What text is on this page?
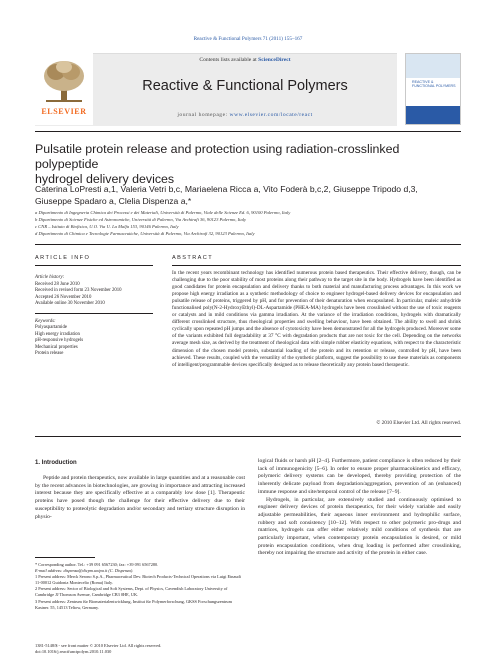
Reactive & Functional Polymers 71 (2011) 155–167
ELSEVIER
Contents lists available at ScienceDirect
Reactive & Functional Polymers
journal homepage: www.elsevier.com/locate/react
REACTIVE & FUNCTIONAL POLYMERS
Pulsatile protein release and protection using radiation-crosslinked polypeptide
hydrogel delivery devices
Caterina LoPresti a,1, Valeria Vetri b,c, Mariaelena Ricca a, Vito Foderà b,c,2, Giuseppe Tripodo d,3,
Giuseppe Spadaro a, Clelia Dispenza a,*
a Dipartimento di Ingegneria Chimica dei Processi e dei Materiali, Università di Palermo, Viale delle Scienze Ed. 6, 90100 Palermo, Italy
b Dipartimento di Scienze Fisiche ed Astronomiche, Università di Palermo, Via Archirafi 36, 90123 Palermo, Italy
c CNR – Istituto di Biofisica, U.O. Via U. La Malfa 153, 90146 Palermo, Italy
d Dipartimento di Chimica e Tecnologie Farmaceutiche, Università di Palermo, Via Archirafi 32, 90123 Palermo, Italy
ARTICLE INFO
Article history:
Received 28 June 2010
Received in revised form 23 November 2010
Accepted 26 November 2010
Available online 30 November 2010
Keywords:
Polyaspartamide
High energy irradiation
pH-responsive hydrogels
Mechanical properties
Protein release
ABSTRACT
In the recent years recombinant technology has identified numerous protein based therapeutics. Their effective delivery, though, can be challenging due to the poor stability of most proteins along their pathway to the target site in the body. Hydrogels have been identified as good candidates for protein encapsulation and delivery thanks to both material and manufacturing process advantages. In this work we propose high energy irradiation as a synthetic methodology of choice to engineer hydrogel-based delivery devices for encapsulation and pulsatile release of proteins, triggered by pH, and for prevention of their denaturation when encapsulated. In particular, maleic anhydride functionalised poly(N-2-HydroxyEthyl)-DL-Aspartamide (PHEA-MA) hydrogels have been crosslinked without the use of toxic reagents or catalysts and in mild conditions via gamma irradiation. At the variance of the irradiation conditions, hydrogels with dramatically different crosslinked structure, thus rheological properties and swelling behaviour, have been obtained. The ability to swell and shrink cyclically upon repeated pH jumps and the absence of cytotoxicity have been demonstrated for all the hydrogels produced. Moreover some of the variants exhibited full degradability at 37 °C with degradation products that are not toxic for the cell. Depending on the networks average mesh size, as derived by the treatment of rheological data with simple rubber elasticity equations, with respect to the characteristic dimension of the chosen model protein, substantial loading of the protein and its retention or release, controlled by pH, have been achieved. These results, coupled with the versatility of the synthetic platform, suggest the possibility to use these materials as components of intelligent/programmable devices specifically designed as to release theoretically any protein based therapeutic.
© 2010 Elsevier Ltd. All rights reserved.
1. Introduction

Peptide and protein therapeutics, now available in large quantities and at a reasonable cost by the recent advances in biotechnologies, are growing in importance and attracting increased interest because they are specifically effective at a comparably low dose [1]. Therapeutic proteins have posed though the challenge for their effective delivery due to their susceptibility to proteolytic degradation and/or secondary and tertiary structure disruption in physio-

logical fluids or harsh pH [2–4]. Furthermore, patient compliance is often reduced by their lack of immunogenicity [5–6]. In order to ensure proper pharmacokinetics and efficacy, polymeric delivery systems can be developed, thereby providing protection of the inherently delicate payload from degradation/aggregation, prevention of an (enhanced) immune response and site/temporal control of the release [7–9].

Hydrogels, in particular, are extensively studied and continuously optimised to engineer delivery devices of protein therapeutics, for their widely variable and easily adjustable permeabilities, their aqueous inner environment and hydrophilic surface, rubbery and soft consistency [10–12]. With respect to other polymeric pro-drugs and matrices, hydrogels can offer either relatively mild conditions of synthesis that are particularly important, when contemporary protein encapsulation is desired, or mild protein encapsulation conditions, when drug loading is performed after crosslinking, thereby not impairing the structure and activity of the protein in either case.

* Corresponding author. Tel.: +39 091 6567230; fax: +39 091 6567280.
E-mail address: dispenza@dicpm.unipa.it (C. Dispenza).
1 Present address: Merck Serono S.p.A., Pharmaceutical Dev. Biotech Products-Technical Operations via Luigi Einaudi 11-00012 Guidonia Montecelio (Roma) Italy.
2 Present address: Sector of Biological and Soft Systems, Dept. of Physics, Cavendish Laboratory University of Cambridge JJ Thomson Avenue, Cambridge CB3 0HE, UK.
3 Present address: Zentrum für Biomaterialentwicklung, Institut für Polymerforschung, GKSS Forschungszentrum Kastner. 55, 14513 Teltow, Germany.
1381-5148/$ - see front matter © 2010 Elsevier Ltd. All rights reserved.
doi:10.1016/j.reactfunctpolym.2010.11.030
